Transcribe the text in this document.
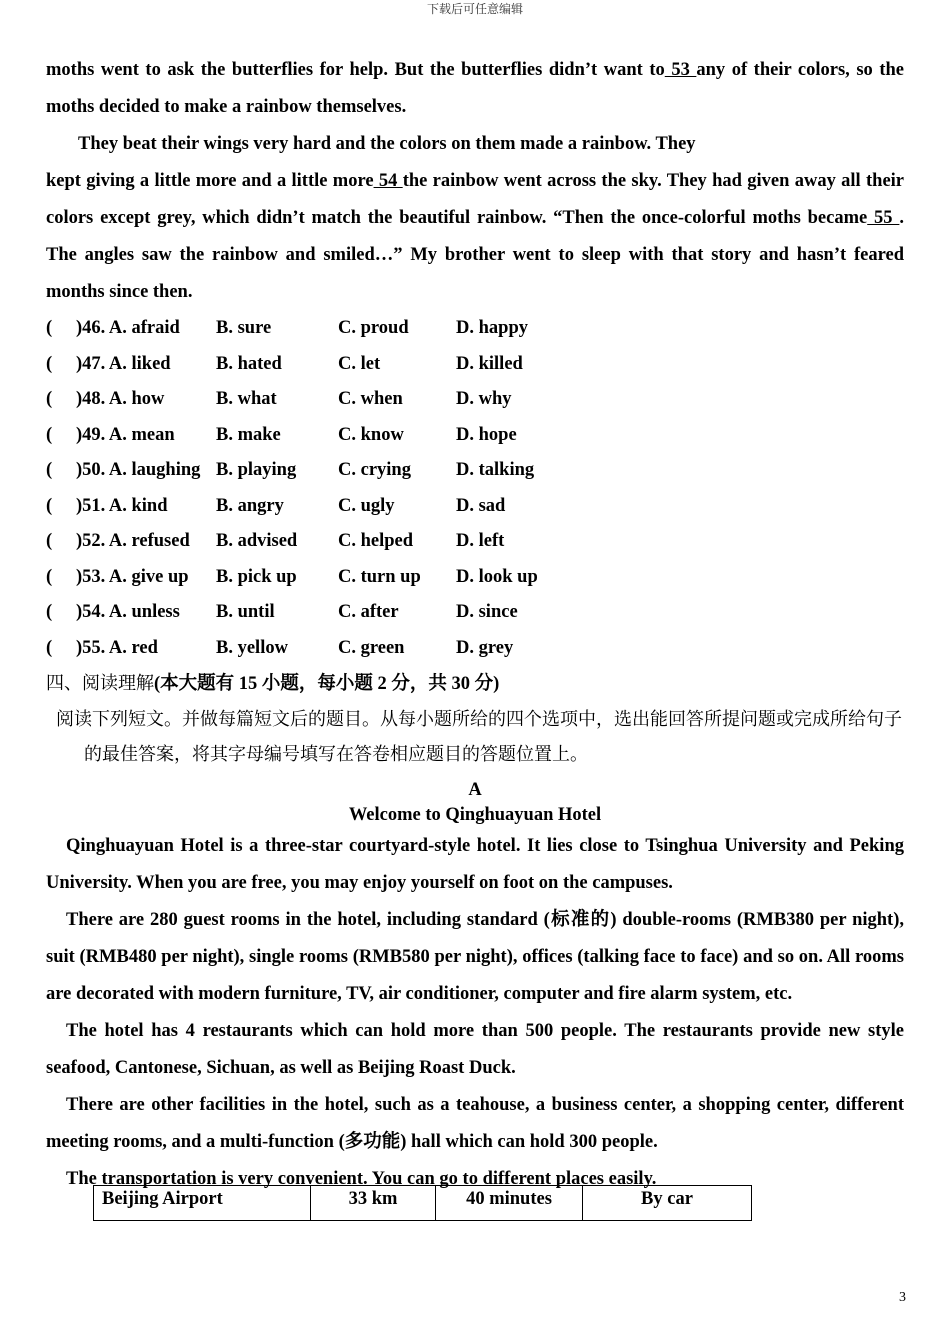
下载后可任意编辑

moths went to ask the butterflies for help. But the butterflies didn’t want to 53 any of their colors, so the moths decided to make a rainbow themselves.

They beat their wings very hard and the colors on them made a rainbow. They

kept giving a little more and a little more 54 the rainbow went across the sky. They had given away all their colors except grey, which didn’t match the beautiful rainbow. “Then the once-colorful moths became 55 . The angles saw the rainbow and smiled…” My brother went to sleep with that story and hasn’t feared months since then.

( )46. A. afraid B. sure	C. proud	D. happy
( )47. A. liked B. hated	C. let	D. killed
( )48. A. how	B. what	C. when	D. why
( )49. A. mean B. make	C. know	D. hope
( )50. A. laughing B. playing C. crying D. talking
( )51. A. kind	B. angry	C. ugly	D. sad
( )52. A. refused B. advised C. helped D. left
( )53. A. give up B. pick up C. turn up D. look up
( )54. A. unless B. until	C. after	D. since
( )55. A. red	B. yellow	C. green	D. grey

四、阅读理解(本大题有 15 小题，每小题 2 分，共 30 分)

阅读下列短文。并做每篇短文后的题目。从每小题所给的四个选项中，选出能回答所提问题或完成所给句子的最佳答案，将其字母编号填写在答卷相应题目的答题位置上。

A
Welcome to Qinghuayuan Hotel

Qinghuayuan Hotel is a three-star courtyard-style hotel. It lies close to Tsinghua University and Peking University. When you are free, you may enjoy yourself on foot on the campuses.

There are 280 guest rooms in the hotel, including standard (标准的) double-rooms (RMB380 per night), suit (RMB480 per night), single rooms (RMB580 per night), offices (talking face to face) and so on. All rooms are decorated with modern furniture, TV, air conditioner, computer and fire alarm system, etc.

The hotel has 4 restaurants which can hold more than 500 people. The restaurants provide new style seafood, Cantonese, Sichuan, as well as Beijing Roast Duck.

There are other facilities in the hotel, such as a teahouse, a business center, a shopping center, different meeting rooms, and a multi-function (多功能) hall which can hold 300 people.

The transportation is very convenient. You can go to different places easily.

Beijing Airport	33 km	40 minutes	By car
3
